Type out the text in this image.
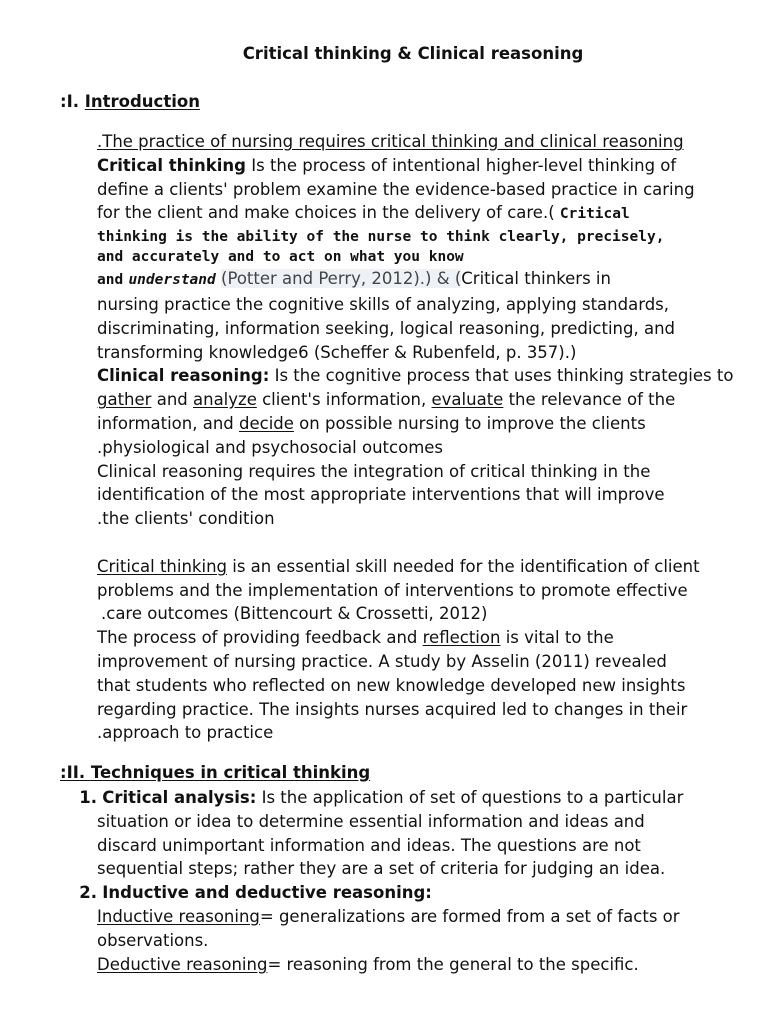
Critical thinking & Clinical reasoning
:I. Introduction
.The practice of nursing requires critical thinking and clinical reasoning
Critical thinking Is the process of intentional higher-level thinking of
define a clients' problem examine the evidence-based practice in caring
for the client and make choices in the delivery of care.( Critical
thinking is the ability of the nurse to think clearly, precisely,
and accurately and to act on what you know
and understand (Potter and Perry, 2012).) & (Critical thinkers in
nursing practice the cognitive skills of analyzing, applying standards,
discriminating, information seeking, logical reasoning, predicting, and
transforming knowledge6 (Scheffer & Rubenfeld, p. 357).)
Clinical reasoning: Is the cognitive process that uses thinking strategies to
gather and analyze client's information, evaluate the relevance of the
information, and decide on possible nursing to improve the clients
.physiological and psychosocial outcomes
Clinical reasoning requires the integration of critical thinking in the
identification of the most appropriate interventions that will improve
.the clients' condition
Critical thinking is an essential skill needed for the identification of client
problems and the implementation of interventions to promote effective
.care outcomes (Bittencourt & Crossetti, 2012)
The process of providing feedback and reflection is vital to the
improvement of nursing practice. A study by Asselin (2011) revealed
that students who reflected on new knowledge developed new insights
regarding practice. The insights nurses acquired led to changes in their
.approach to practice
:II. Techniques in critical thinking
1. Critical analysis: Is the application of set of questions to a particular
situation or idea to determine essential information and ideas and
discard unimportant information and ideas. The questions are not
sequential steps; rather they are a set of criteria for judging an idea.
2. Inductive and deductive reasoning:
Inductive reasoning= generalizations are formed from a set of facts or
observations.
Deductive reasoning= reasoning from the general to the specific.
